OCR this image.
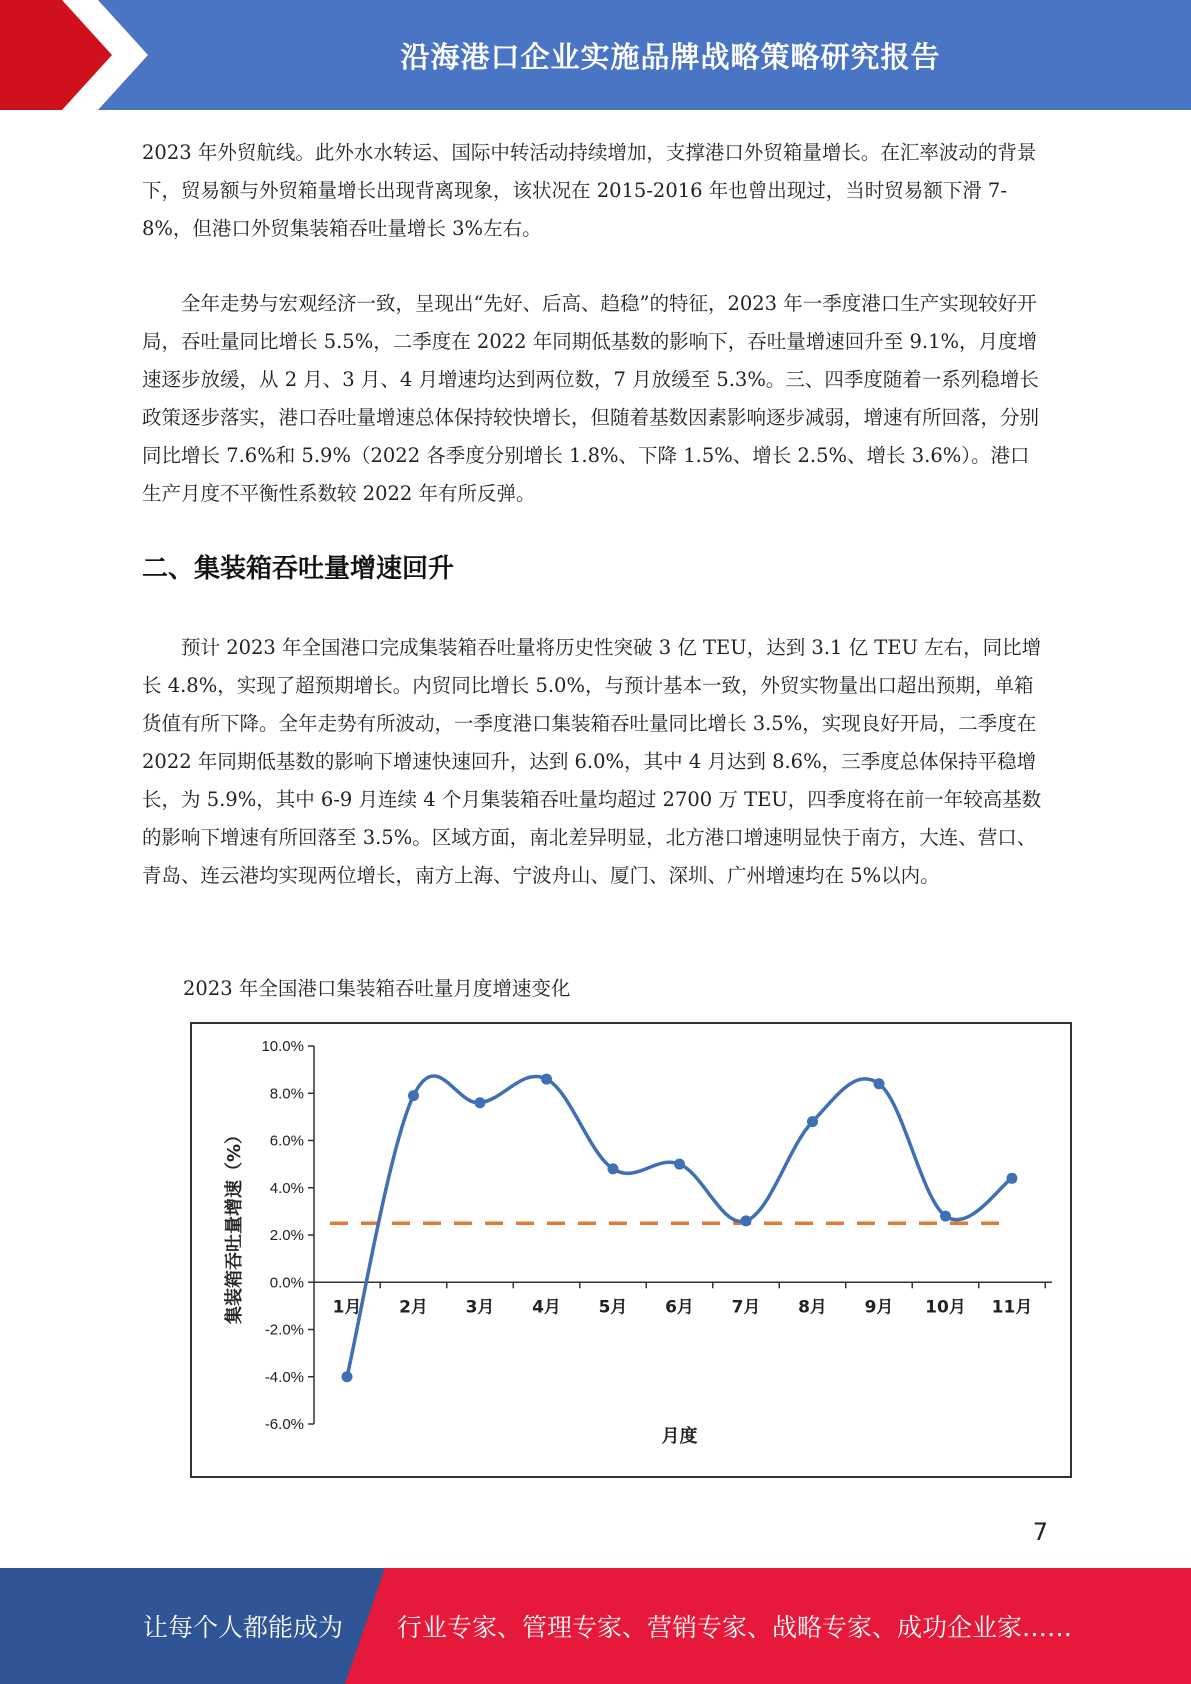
沿海港口企业实施品牌战略策略研究报告

2023 年外贸航线。此外水水转运、国际中转活动持续增加，支撑港口外贸箱量增长。在汇率波动的背景下，贸易额与外贸箱量增长出现背离现象，该状况在 2015-2016 年也曾出现过，当时贸易额下滑 7-8%，但港口外贸集装箱吞吐量增长 3%左右。

全年走势与宏观经济一致，呈现出“先好、后高、趋稳”的特征，2023 年一季度港口生产实现较好开局，吞吐量同比增长 5.5%，二季度在 2022 年同期低基数的影响下，吞吐量增速回升至 9.1%，月度增速逐步放缓，从 2 月、3 月、4 月增速均达到两位数，7 月放缓至 5.3%。三、四季度随着一系列稳增长政策逐步落实，港口吞吐量增速总体保持较快增长，但随着基数因素影响逐步减弱，增速有所回落，分别同比增长 7.6%和 5.9%（2022 各季度分别增长 1.8%、下降 1.5%、增长 2.5%、增长 3.6%）。港口生产月度不平衡性系数较 2022 年有所反弹。

二、集装箱吞吐量增速回升

预计 2023 年全国港口完成集装箱吞吐量将历史性突破 3 亿 TEU，达到 3.1 亿 TEU 左右，同比增长 4.8%，实现了超预期增长。内贸同比增长 5.0%，与预计基本一致，外贸实物量出口超出预期，单箱货值有所下降。全年走势有所波动，一季度港口集装箱吞吐量同比增长 3.5%，实现良好开局，二季度在 2022 年同期低基数的影响下增速快速回升，达到 6.0%，其中 4 月达到 8.6%，三季度总体保持平稳增长，为 5.9%，其中 6-9 月连续 4 个月集装箱吞吐量均超过 2700 万 TEU，四季度将在前一年较高基数的影响下增速有所回落至 3.5%。区域方面，南北差异明显，北方港口增速明显快于南方，大连、营口、青岛、连云港均实现两位增长，南方上海、宁波舟山、厦门、深圳、广州增速均在 5%以内。

2023 年全国港口集装箱吞吐量月度增速变化
10.0%
8.0%
6.0%
4.0%
2.0%
0.0%
-2.0%
-4.0%
-6.0%
1月 2月 3月 4月 5月 6月 7月 8月 9月 10月 11月
集装箱吞吐量增速（%）
月度
7
让每个人都能成为 行业专家、管理专家、营销专家、战略专家、成功企业家……
